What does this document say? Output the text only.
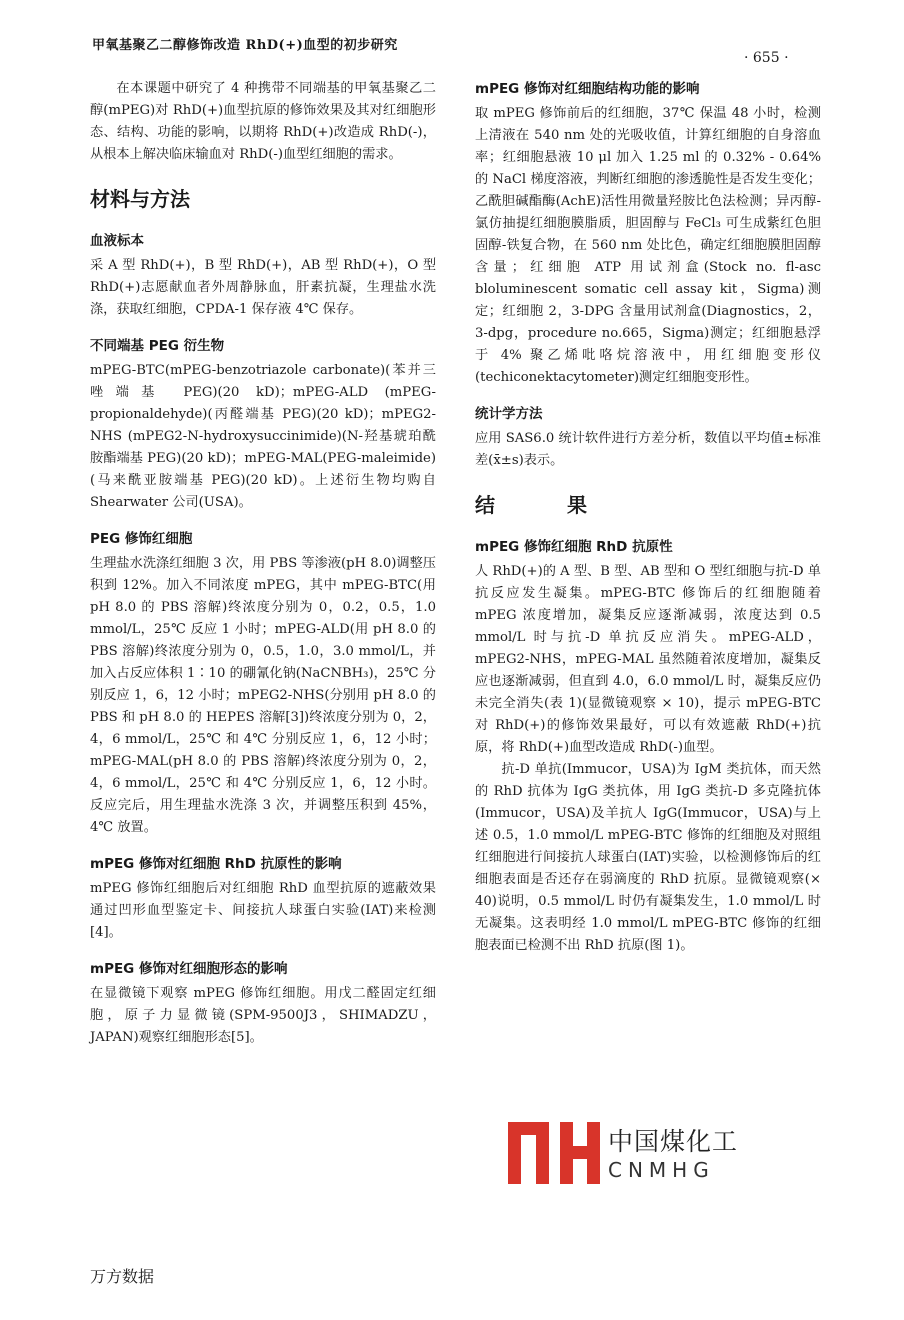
甲氧基聚乙二醇修饰改造 RhD(+)血型的初步研究
· 655 ·

在本课题中研究了 4 种携带不同端基的甲氧基聚乙二醇(mPEG)对 RhD(+)血型抗原的修饰效果及其对红细胞形态、结构、功能的影响，以期将 RhD(+)改造成 RhD(-)，从根本上解决临床输血对 RhD(-)血型红细胞的需求。

材料与方法
血液标本

采 A 型 RhD(+)，B 型 RhD(+)，AB 型 RhD(+)，O 型 RhD(+)志愿献血者外周静脉血，肝素抗凝，生理盐水洗涤，获取红细胞，CPDA-1 保存液 4℃ 保存。

不同端基 PEG 衍生物

mPEG-BTC(mPEG-benzotriazole carbonate)(苯并三唑端基 PEG)(20 kD)；mPEG-ALD (mPEG-propionaldehyde)(丙醛端基 PEG)(20 kD)；mPEG2-NHS (mPEG2-N-hydroxysuccinimide)(N-羟基琥珀酰胺酯端基 PEG)(20 kD)；mPEG-MAL(PEG-maleimide)(马来酰亚胺端基 PEG)(20 kD)。上述衍生物均购自 Shearwater 公司(USA)。

PEG 修饰红细胞

生理盐水洗涤红细胞 3 次，用 PBS 等渗液(pH 8.0)调整压积到 12%。加入不同浓度 mPEG，其中 mPEG-BTC(用 pH 8.0 的 PBS 溶解)终浓度分别为 0，0.2，0.5，1.0 mmol/L，25℃ 反应 1 小时；mPEG-ALD(用 pH 8.0 的 PBS 溶解)终浓度分别为 0，0.5，1.0，3.0 mmol/L，并加入占反应体积 1∶10 的硼氰化钠(NaCNBH₃)，25℃ 分别反应 1，6，12 小时；mPEG2-NHS(分别用 pH 8.0 的 PBS 和 pH 8.0 的 HEPES 溶解[3])终浓度分别为 0，2，4，6 mmol/L，25℃ 和 4℃ 分别反应 1，6，12 小时；mPEG-MAL(pH 8.0 的 PBS 溶解)终浓度分别为 0，2，4，6 mmol/L，25℃ 和 4℃ 分别反应 1，6，12 小时。反应完后，用生理盐水洗涤 3 次，并调整压积到 45%，4℃ 放置。

mPEG 修饰对红细胞 RhD 抗原性的影响

mPEG 修饰红细胞后对红细胞 RhD 血型抗原的遮蔽效果通过凹形血型鉴定卡、间接抗人球蛋白实验(IAT)来检测[4]。

mPEG 修饰对红细胞形态的影响

在显微镜下观察 mPEG 修饰红细胞。用戊二醛固定红细胞，原子力显微镜(SPM-9500J3，SHIMADZU，JAPAN)观察红细胞形态[5]。

mPEG 修饰对红细胞结构功能的影响

取 mPEG 修饰前后的红细胞，37℃ 保温 48 小时，检测上清液在 540 nm 处的光吸收值，计算红细胞的自身溶血率；红细胞悬液 10 μl 加入 1.25 ml 的 0.32% - 0.64% 的 NaCl 梯度溶液，判断红细胞的渗透脆性是否发生变化；乙酰胆碱酯酶(AchE)活性用微量羟胺比色法检测；异丙醇-氯仿抽提红细胞膜脂质，胆固醇与 FeCl₃ 可生成紫红色胆固醇-铁复合物，在 560 nm 处比色，确定红细胞膜胆固醇含量；红细胞 ATP 用试剂盒(Stock no. fl-asc bloluminescent somatic cell assay kit，Sigma)测定；红细胞 2，3-DPG 含量用试剂盒(Diagnostics，2，3-dpg，procedure no.665，Sigma)测定；红细胞悬浮于 4% 聚乙烯吡咯烷溶液中，用红细胞变形仪(techiconektacytometer)测定红细胞变形性。

统计学方法

应用 SAS6.0 统计软件进行方差分析，数值以平均值±标准差(x̄±s)表示。

结　果
mPEG 修饰红细胞 RhD 抗原性

人 RhD(+)的 A 型、B 型、AB 型和 O 型红细胞与抗-D 单抗反应发生凝集。mPEG-BTC 修饰后的红细胞随着 mPEG 浓度增加，凝集反应逐渐减弱，浓度达到 0.5 mmol/L 时与抗-D 单抗反应消失。mPEG-ALD，mPEG2-NHS，mPEG-MAL 虽然随着浓度增加，凝集反应也逐渐减弱，但直到 4.0，6.0 mmol/L 时，凝集反应仍未完全消失(表 1)(显微镜观察 × 10)，提示 mPEG-BTC 对 RhD(+)的修饰效果最好，可以有效遮蔽 RhD(+)抗原，将 RhD(+)血型改造成 RhD(-)血型。

抗-D 单抗(Immucor，USA)为 IgM 类抗体，而天然的 RhD 抗体为 IgG 类抗体，用 IgG 类抗-D 多克隆抗体(Immucor，USA)及羊抗人 IgG(Immucor，USA)与上述 0.5，1.0 mmol/L mPEG-BTC 修饰的红细胞及对照组红细胞进行间接抗人球蛋白(IAT)实验，以检测修饰后的红细胞表面是否还存在弱滴度的 RhD 抗原。显微镜观察(× 40)说明，0.5 mmol/L 时仍有凝集发生，1.0 mmol/L 时无凝集。这表明经 1.0 mmol/L mPEG-BTC 修饰的红细胞表面已检测不出 RhD 抗原(图 1)。

中国煤化工
CNMHG
万方数据
